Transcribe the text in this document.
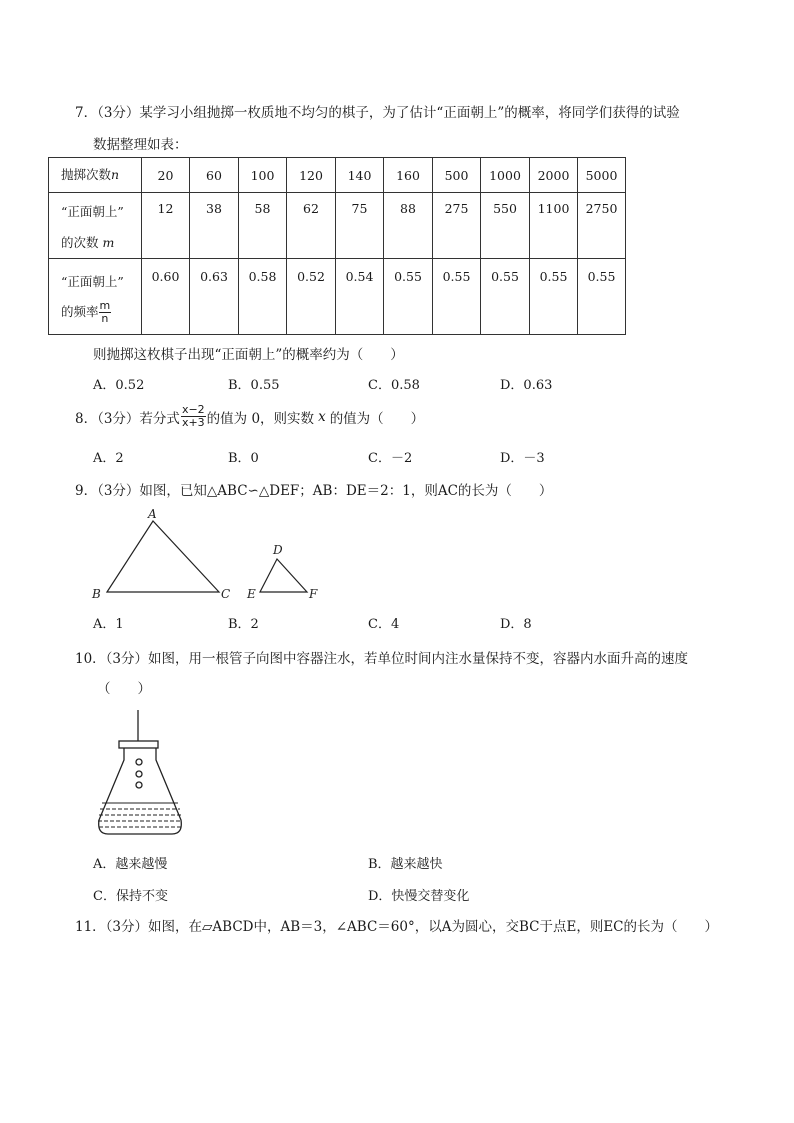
7．（3分）某学习小组抛掷一枚质地不均匀的棋子，为了估计“正面朝上”的概率，将同学们获得的试验
数据整理如表：
抛掷次数n	20	60	100	120	140	160	500	1000	2000	5000

“正面朝上”
的次数 m	12	38	58	62	75	88	275	550	1100	2750

“正面朝上”
的频率 $\frac{m}{n}$	0.60	0.63	0.58	0.52	0.54	0.55	0.55	0.55	0.55	0.55
则抛掷这枚棋子出现“正面朝上”的概率约为（　　）
A．0.52	B．0.55	C．0.58	D．0.63
8．（3分）若分式 $\frac{x-2}{x+3}$ 的值为 0，则实数 x 的值为（　　）
A．2	B．0	C．－2	D．－3
9．（3分）如图，已知△ABC∽△DEF；AB：DE＝2：1，则AC的长为（　　）
A
B	C
D
E	F
A．1	B．2	C．4	D．8
10．（3分）如图，用一根管子向图中容器注水，若单位时间内注水量保持不变，容器内水面升高的速度
（　　）
A．越来越慢	B．越来越快
C．保持不变	D．快慢交替变化
11．（3分）如图，在▱ABCD中，AB＝3，∠ABC＝60°，以A为圆心，交BC于点E，则EC的长为（　　）
